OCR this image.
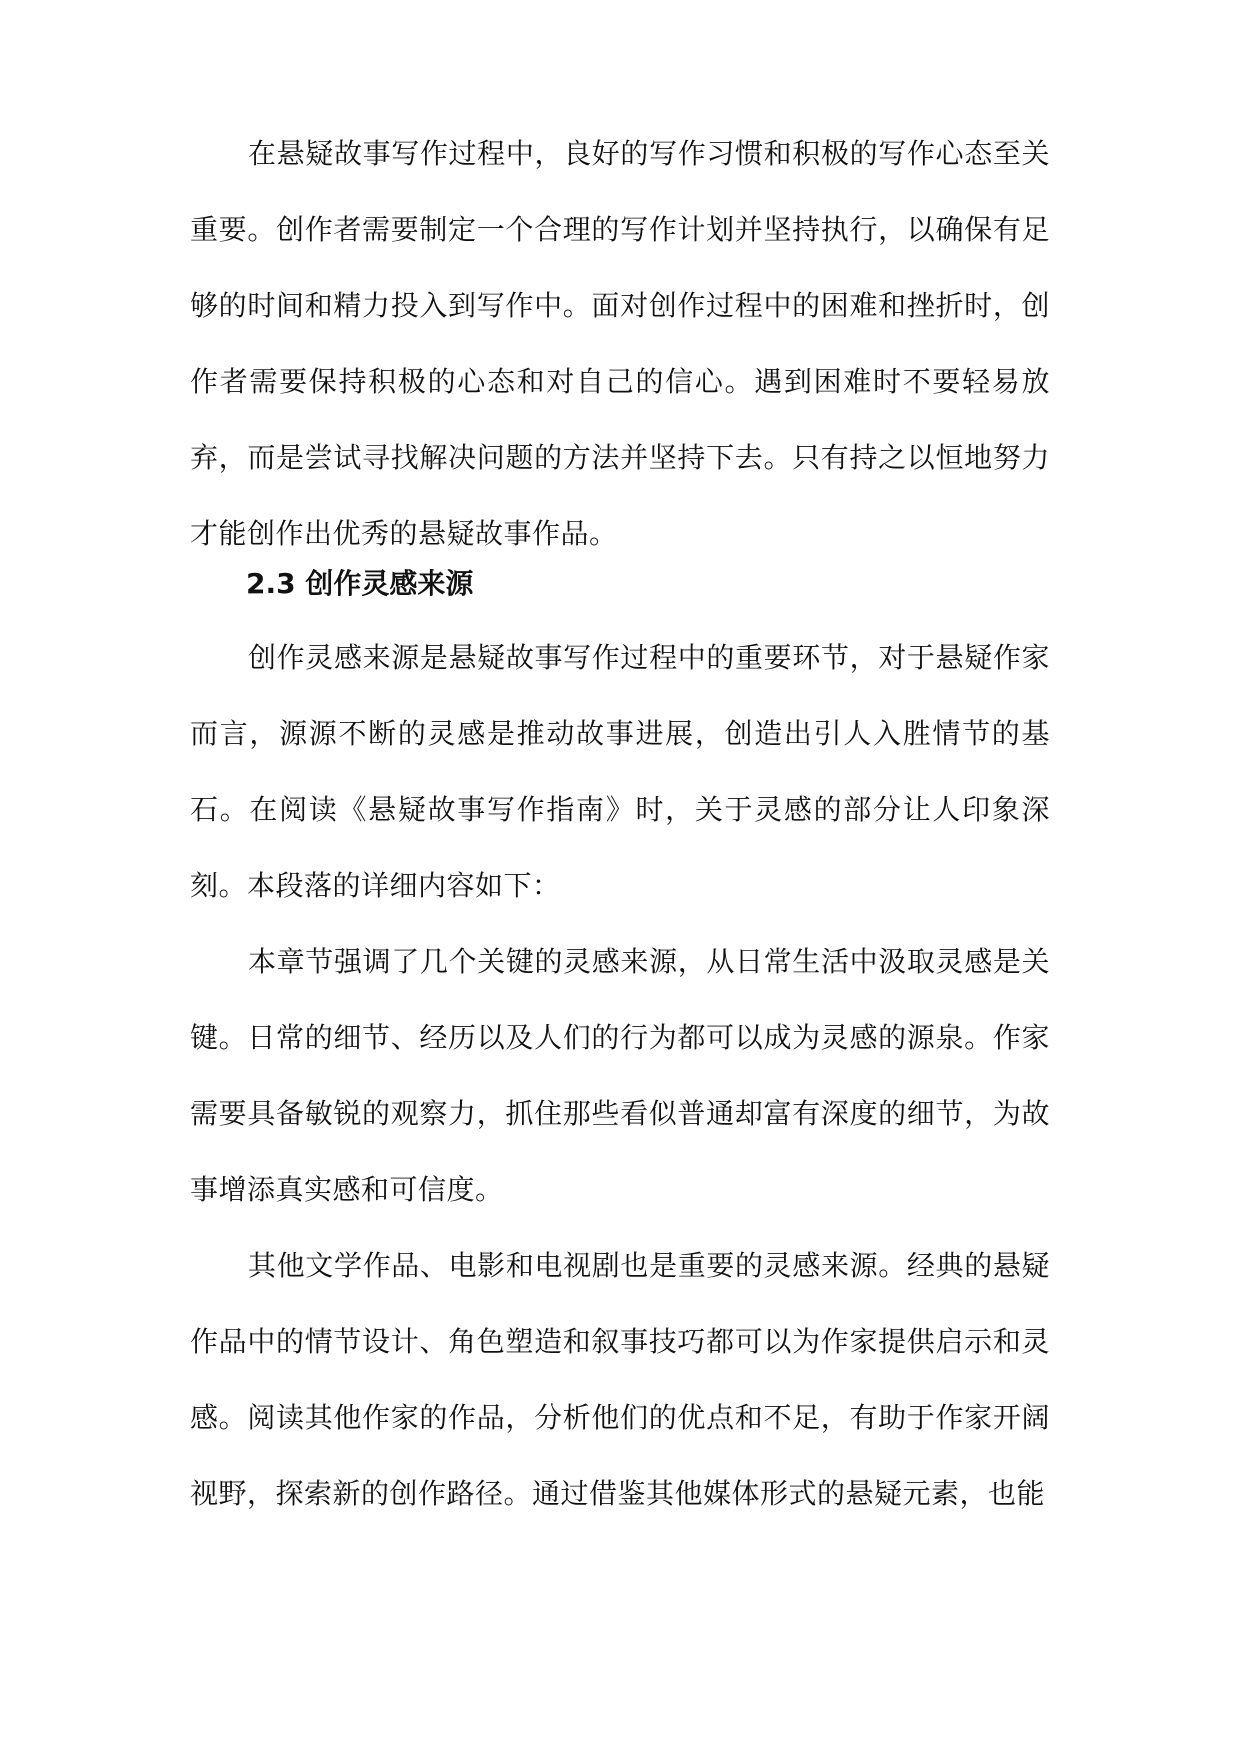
在悬疑故事写作过程中，良好的写作习惯和积极的写作心态至关重要。创作者需要制定一个合理的写作计划并坚持执行，以确保有足够的时间和精力投入到写作中。面对创作过程中的困难和挫折时，创作者需要保持积极的心态和对自己的信心。遇到困难时不要轻易放弃，而是尝试寻找解决问题的方法并坚持下去。只有持之以恒地努力才能创作出优秀的悬疑故事作品。

2.3 创作灵感来源

创作灵感来源是悬疑故事写作过程中的重要环节，对于悬疑作家而言，源源不断的灵感是推动故事进展，创造出引人入胜情节的基石。在阅读《悬疑故事写作指南》时，关于灵感的部分让人印象深刻。本段落的详细内容如下：

本章节强调了几个关键的灵感来源，从日常生活中汲取灵感是关键。日常的细节、经历以及人们的行为都可以成为灵感的源泉。作家需要具备敏锐的观察力，抓住那些看似普通却富有深度的细节，为故事增添真实感和可信度。

其他文学作品、电影和电视剧也是重要的灵感来源。经典的悬疑作品中的情节设计、角色塑造和叙事技巧都可以为作家提供启示和灵感。阅读其他作家的作品，分析他们的优点和不足，有助于作家开阔视野，探索新的创作路径。通过借鉴其他媒体形式的悬疑元素，也能
